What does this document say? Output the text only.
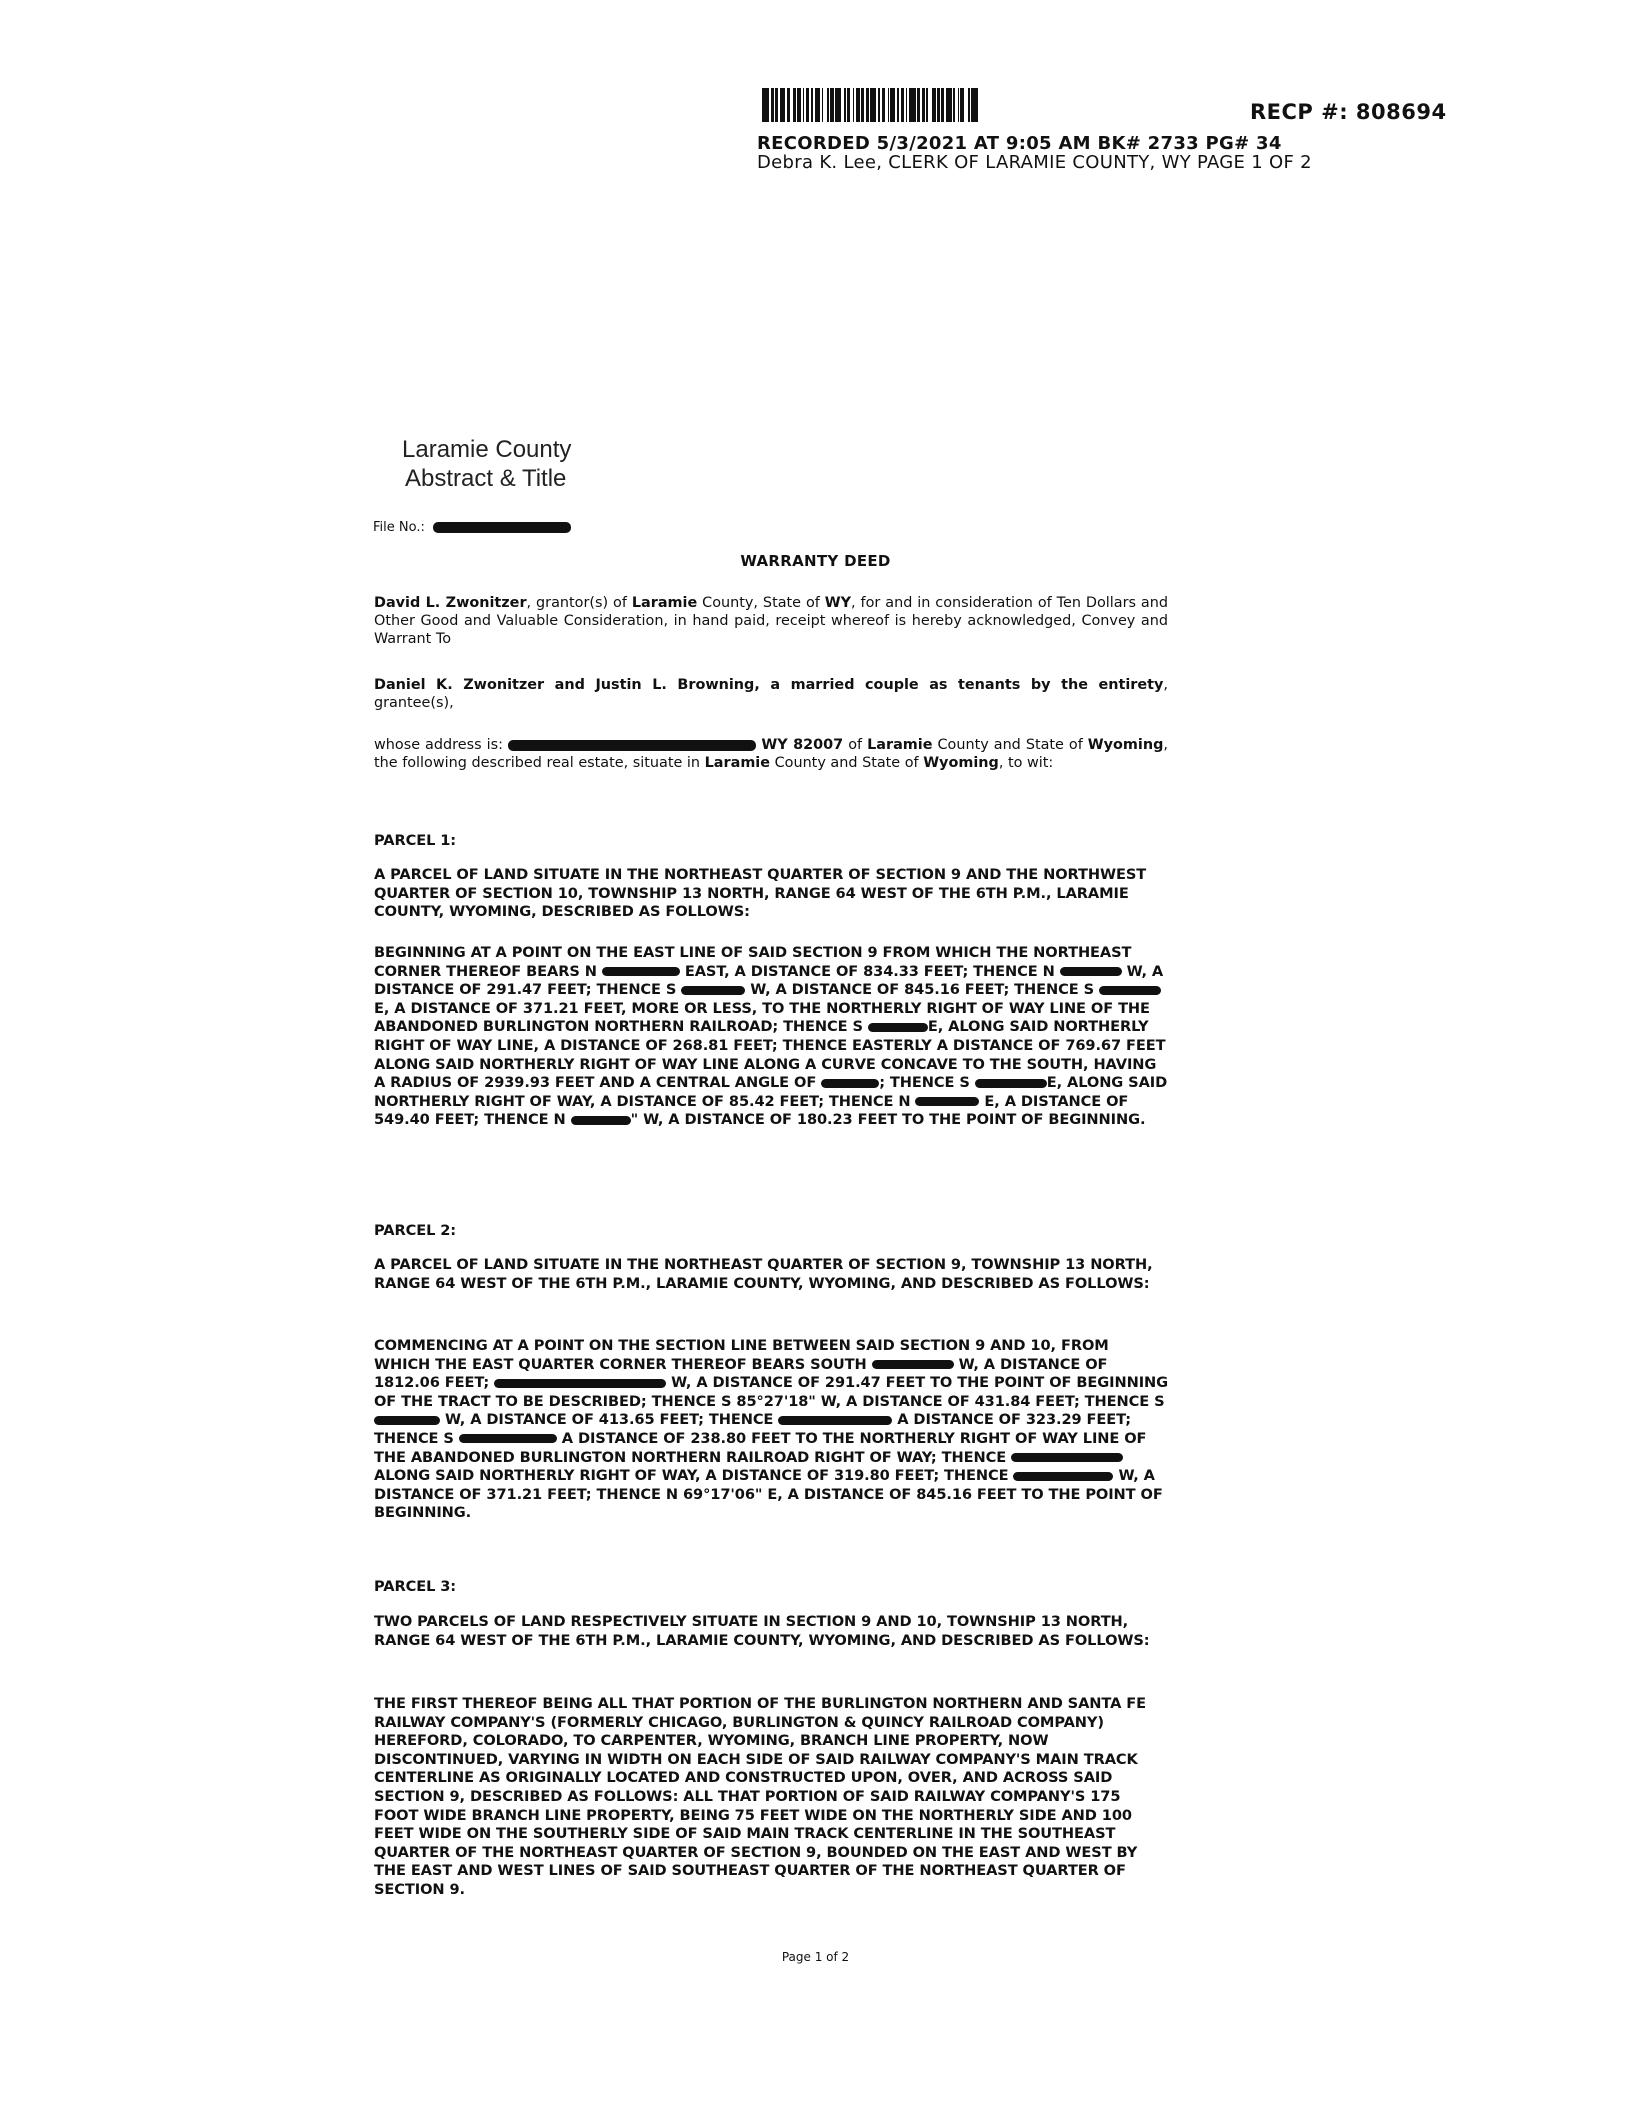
RECP #: 808694
RECORDED 5/3/2021 AT 9:05 AM BK# 2733 PG# 34
Debra K. Lee, CLERK OF LARAMIE COUNTY, WY PAGE 1 OF 2
Laramie County
Abstract & Title
File No.:
WARRANTY DEED
David L. Zwonitzer, grantor(s) of Laramie County, State of WY, for and in consideration of Ten Dollars and Other Good and Valuable Consideration, in hand paid, receipt whereof is hereby acknowledged, Convey and Warrant To
Daniel K. Zwonitzer and Justin L. Browning, a married couple as tenants by the entirety, grantee(s),
whose address is:	WY 82007 of Laramie County and State of Wyoming, the following described real estate, situate in Laramie County and State of Wyoming, to wit:
PARCEL 1:
A PARCEL OF LAND SITUATE IN THE NORTHEAST QUARTER OF SECTION 9 AND THE NORTHWEST QUARTER OF SECTION 10, TOWNSHIP 13 NORTH, RANGE 64 WEST OF THE 6TH P.M., LARAMIE COUNTY, WYOMING, DESCRIBED AS FOLLOWS:
BEGINNING AT A POINT ON THE EAST LINE OF SAID SECTION 9 FROM WHICH THE NORTHEAST CORNER THEREOF BEARS N	EAST, A DISTANCE OF 834.33 FEET; THENCE N	W, A DISTANCE OF 291.47 FEET; THENCE S	W, A DISTANCE OF 845.16 FEET; THENCE S  E, A DISTANCE OF 371.21 FEET, MORE OR LESS, TO THE NORTHERLY RIGHT OF WAY LINE OF THE ABANDONED BURLINGTON NORTHERN RAILROAD; THENCE S	E, ALONG SAID NORTHERLY RIGHT OF WAY LINE, A DISTANCE OF 268.81 FEET; THENCE EASTERLY A DISTANCE OF 769.67 FEET ALONG SAID NORTHERLY RIGHT OF WAY LINE ALONG A CURVE CONCAVE TO THE SOUTH, HAVING A RADIUS OF 2939.93 FEET AND A CENTRAL ANGLE OF	; THENCE S	E, ALONG SAID NORTHERLY RIGHT OF WAY, A DISTANCE OF 85.42 FEET; THENCE N	E, A DISTANCE OF 549.40 FEET; THENCE N	" W, A DISTANCE OF 180.23 FEET TO THE POINT OF BEGINNING.
PARCEL 2:
A PARCEL OF LAND SITUATE IN THE NORTHEAST QUARTER OF SECTION 9, TOWNSHIP 13 NORTH, RANGE 64 WEST OF THE 6TH P.M., LARAMIE COUNTY, WYOMING, AND DESCRIBED AS FOLLOWS:
COMMENCING AT A POINT ON THE SECTION LINE BETWEEN SAID SECTION 9 AND 10, FROM WHICH THE EAST QUARTER CORNER THEREOF BEARS SOUTH	W, A DISTANCE OF 1812.06 FEET;	W, A DISTANCE OF 291.47 FEET TO THE POINT OF BEGINNING OF THE TRACT TO BE DESCRIBED; THENCE S 85°27'18" W, A DISTANCE OF 431.84 FEET; THENCE S  W, A DISTANCE OF 413.65 FEET; THENCE	A DISTANCE OF 323.29 FEET; THENCE S	A DISTANCE OF 238.80 FEET TO THE NORTHERLY RIGHT OF WAY LINE OF THE ABANDONED BURLINGTON NORTHERN RAILROAD RIGHT OF WAY; THENCE  ALONG SAID NORTHERLY RIGHT OF WAY, A DISTANCE OF 319.80 FEET; THENCE	W, A DISTANCE OF 371.21 FEET; THENCE N 69°17'06" E, A DISTANCE OF 845.16 FEET TO THE POINT OF BEGINNING.
PARCEL 3:
TWO PARCELS OF LAND RESPECTIVELY SITUATE IN SECTION 9 AND 10, TOWNSHIP 13 NORTH, RANGE 64 WEST OF THE 6TH P.M., LARAMIE COUNTY, WYOMING, AND DESCRIBED AS FOLLOWS:
THE FIRST THEREOF BEING ALL THAT PORTION OF THE BURLINGTON NORTHERN AND SANTA FE RAILWAY COMPANY'S (FORMERLY CHICAGO, BURLINGTON & QUINCY RAILROAD COMPANY) HEREFORD, COLORADO, TO CARPENTER, WYOMING, BRANCH LINE PROPERTY, NOW DISCONTINUED, VARYING IN WIDTH ON EACH SIDE OF SAID RAILWAY COMPANY'S MAIN TRACK CENTERLINE AS ORIGINALLY LOCATED AND CONSTRUCTED UPON, OVER, AND ACROSS SAID SECTION 9, DESCRIBED AS FOLLOWS: ALL THAT PORTION OF SAID RAILWAY COMPANY'S 175 FOOT WIDE BRANCH LINE PROPERTY, BEING 75 FEET WIDE ON THE NORTHERLY SIDE AND 100 FEET WIDE ON THE SOUTHERLY SIDE OF SAID MAIN TRACK CENTERLINE IN THE SOUTHEAST QUARTER OF THE NORTHEAST QUARTER OF SECTION 9, BOUNDED ON THE EAST AND WEST BY THE EAST AND WEST LINES OF SAID SOUTHEAST QUARTER OF THE NORTHEAST QUARTER OF SECTION 9.
Page 1 of 2
